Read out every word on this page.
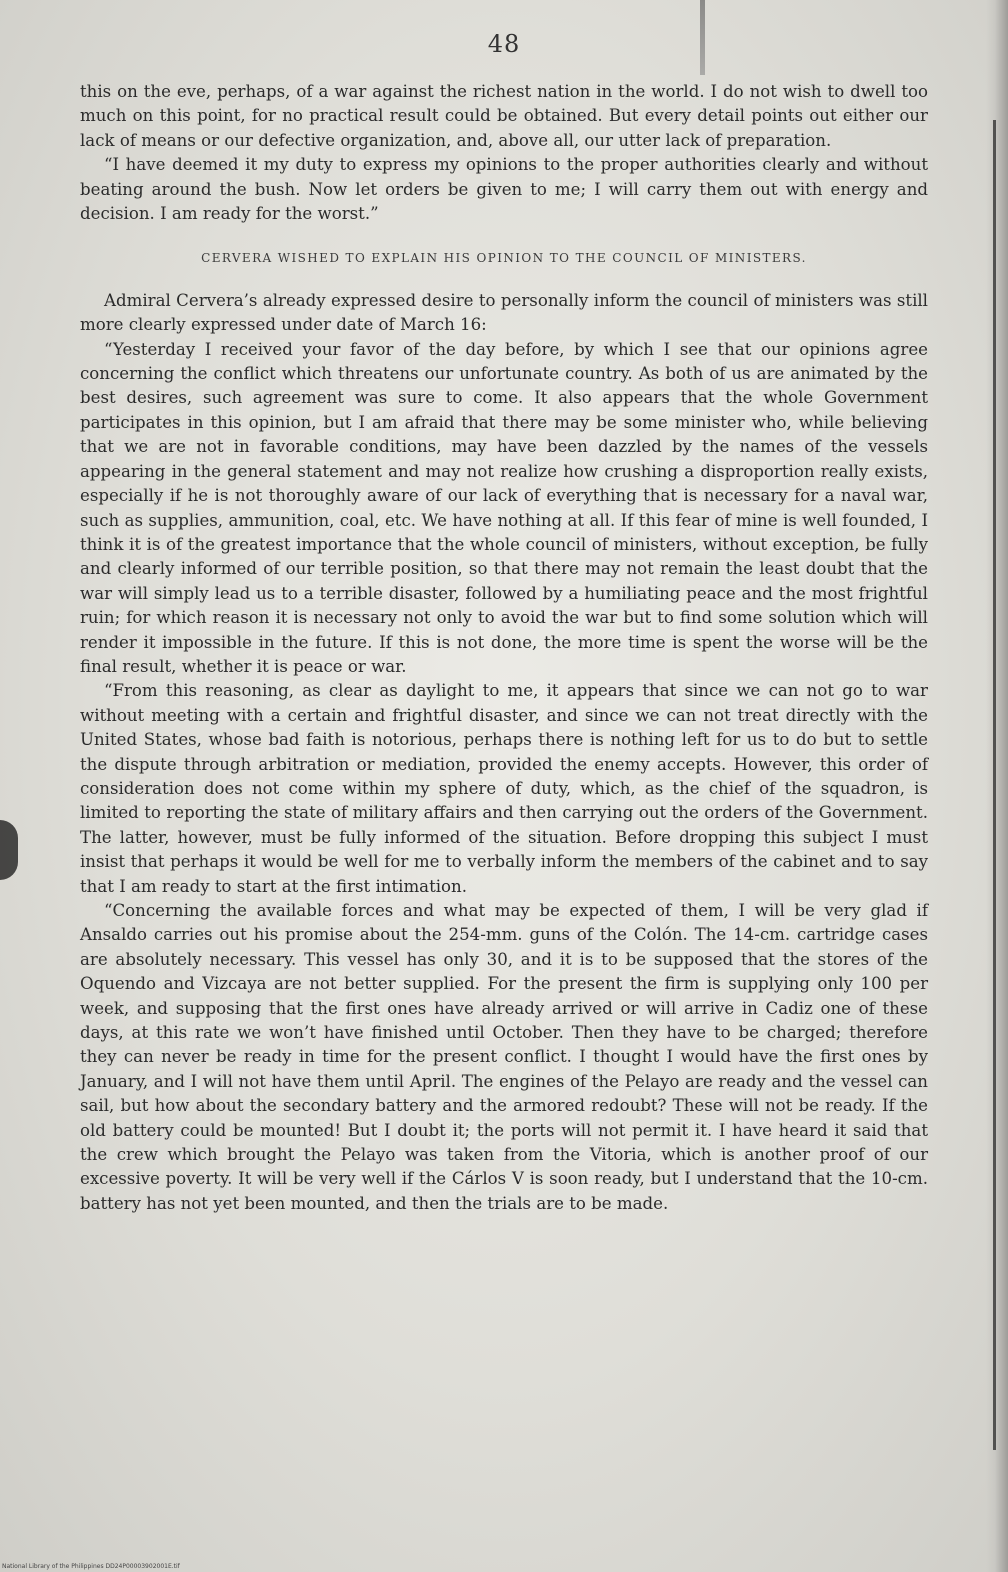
48

this on the eve, perhaps, of a war against the richest nation in the world. I do not wish to dwell too much on this point, for no practical result could be obtained. But every detail points out either our lack of means or our defective organization, and, above all, our utter lack of preparation.

“I have deemed it my duty to express my opinions to the proper authorities clearly and without beating around the bush. Now let orders be given to me; I will carry them out with energy and decision. I am ready for the worst.”

CERVERA WISHED TO EXPLAIN HIS OPINION TO THE COUNCIL OF MINISTERS.

Admiral Cervera’s already expressed desire to personally inform the council of ministers was still more clearly expressed under date of March 16:

“Yesterday I received your favor of the day before, by which I see that our opinions agree concerning the conflict which threatens our unfortunate country. As both of us are animated by the best desires, such agreement was sure to come. It also appears that the whole Government participates in this opinion, but I am afraid that there may be some minister who, while believing that we are not in favorable conditions, may have been dazzled by the names of the vessels appearing in the general statement and may not realize how crushing a disproportion really exists, especially if he is not thoroughly aware of our lack of everything that is necessary for a naval war, such as supplies, ammunition, coal, etc. We have nothing at all. If this fear of mine is well founded, I think it is of the greatest importance that the whole council of ministers, without exception, be fully and clearly informed of our terrible position, so that there may not remain the least doubt that the war will simply lead us to a terrible disaster, followed by a humiliating peace and the most frightful ruin; for which reason it is necessary not only to avoid the war but to find some solution which will render it impossible in the future. If this is not done, the more time is spent the worse will be the final result, whether it is peace or war.

“From this reasoning, as clear as daylight to me, it appears that since we can not go to war without meeting with a certain and frightful disaster, and since we can not treat directly with the United States, whose bad faith is notorious, perhaps there is nothing left for us to do but to settle the dispute through arbitration or mediation, provided the enemy accepts. However, this order of consideration does not come within my sphere of duty, which, as the chief of the squadron, is limited to reporting the state of military affairs and then carrying out the orders of the Government. The latter, however, must be fully informed of the situation. Before dropping this subject I must insist that perhaps it would be well for me to verbally inform the members of the cabinet and to say that I am ready to start at the first intimation.

“Concerning the available forces and what may be expected of them, I will be very glad if Ansaldo carries out his promise about the 254-mm. guns of the Colón. The 14-cm. cartridge cases are absolutely necessary. This vessel has only 30, and it is to be supposed that the stores of the Oquendo and Vizcaya are not better supplied. For the present the firm is supplying only 100 per week, and supposing that the first ones have already arrived or will arrive in Cadiz one of these days, at this rate we won’t have finished until October. Then they have to be charged; therefore they can never be ready in time for the present conflict. I thought I would have the first ones by January, and I will not have them until April. The engines of the Pelayo are ready and the vessel can sail, but how about the secondary battery and the armored redoubt? These will not be ready. If the old battery could be mounted! But I doubt it; the ports will not permit it. I have heard it said that the crew which brought the Pelayo was taken from the Vitoria, which is another proof of our excessive poverty. It will be very well if the Cárlos V is soon ready, but I understand that the 10-cm. battery has not yet been mounted, and then the trials are to be made.

National Library of the Philippines DD24P00003902001E.tif
